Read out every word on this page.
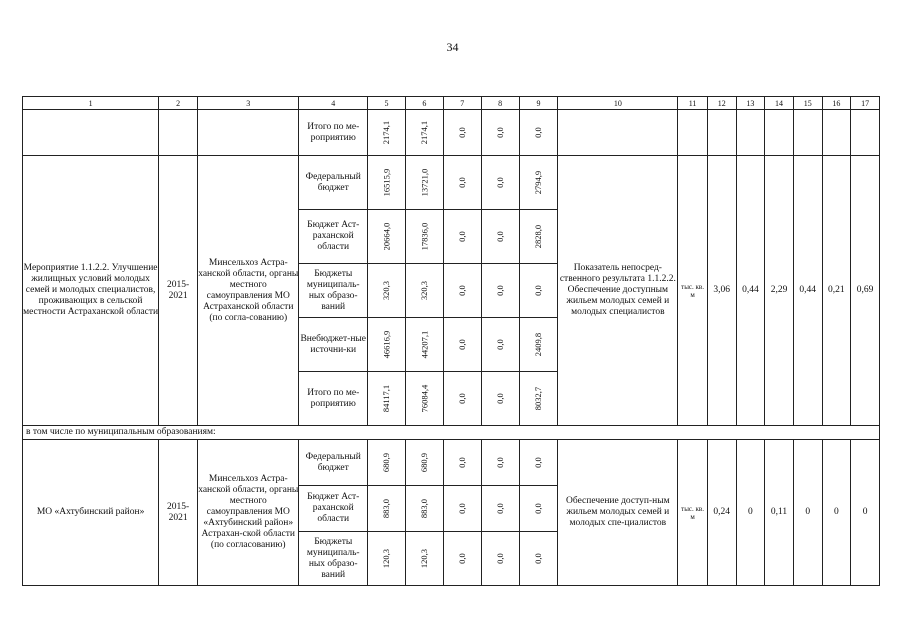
34
1	2	3	4	5	6	7	8	9	10	11	12	13	14	15	16	17
			Итого по ме-роприятию	2174,1	2174,1	0,0	0,0	0,0								
Мероприятие 1.1.2.2. Улучшение жилищных условий молодых семей и молодых специалистов, проживающих в сельской местности Астраханской области	2015-2021	Минсельхоз Астра-ханской области, органы местного самоуправления МО Астраханской области (по согла-сованию)	Федеральный бюджет	16515,9	13721,0	0,0	0,0	2794,9	Показатель непосред-ственного результата 1.1.2.2. Обеспечение доступным жильем молодых семей и молодых специалистов	тыс. кв. м	3,06	0,44	2,29	0,44	0,21	0,69
			Бюджет Аст-раханской области	20664,0	17836,0	0,0	0,0	2828,0								
			Бюджеты муниципаль-ных образо-ваний	320,3	320,3	0,0	0,0	0,0								
			Внебюджет-ные источни-ки	46616,9	44207,1	0,0	0,0	2409,8								
			Итого по ме-роприятию	84117,1	76084,4	0,0	0,0	8032,7								
в том числе по муниципальным образованиям:																
МО «Ахтубинский район»	2015-2021	Минсельхоз Астра-ханской области, органы местного самоуправления МО «Ахтубинский район» Астрахан-ской области (по согласованию)	Федеральный бюджет	680,9	680,9	0,0	0,0	0,0	Обеспечение доступ-ным жильем молодых семей и молодых спе-циалистов	тыс. кв. м	0,24	0	0,11	0	0	0
			Бюджет Аст-раханской области	883,0	883,0	0,0	0,0	0,0								
			Бюджеты муниципаль-ных образо-ваний	120,3	120,3	0,0	0,0	0,0								
